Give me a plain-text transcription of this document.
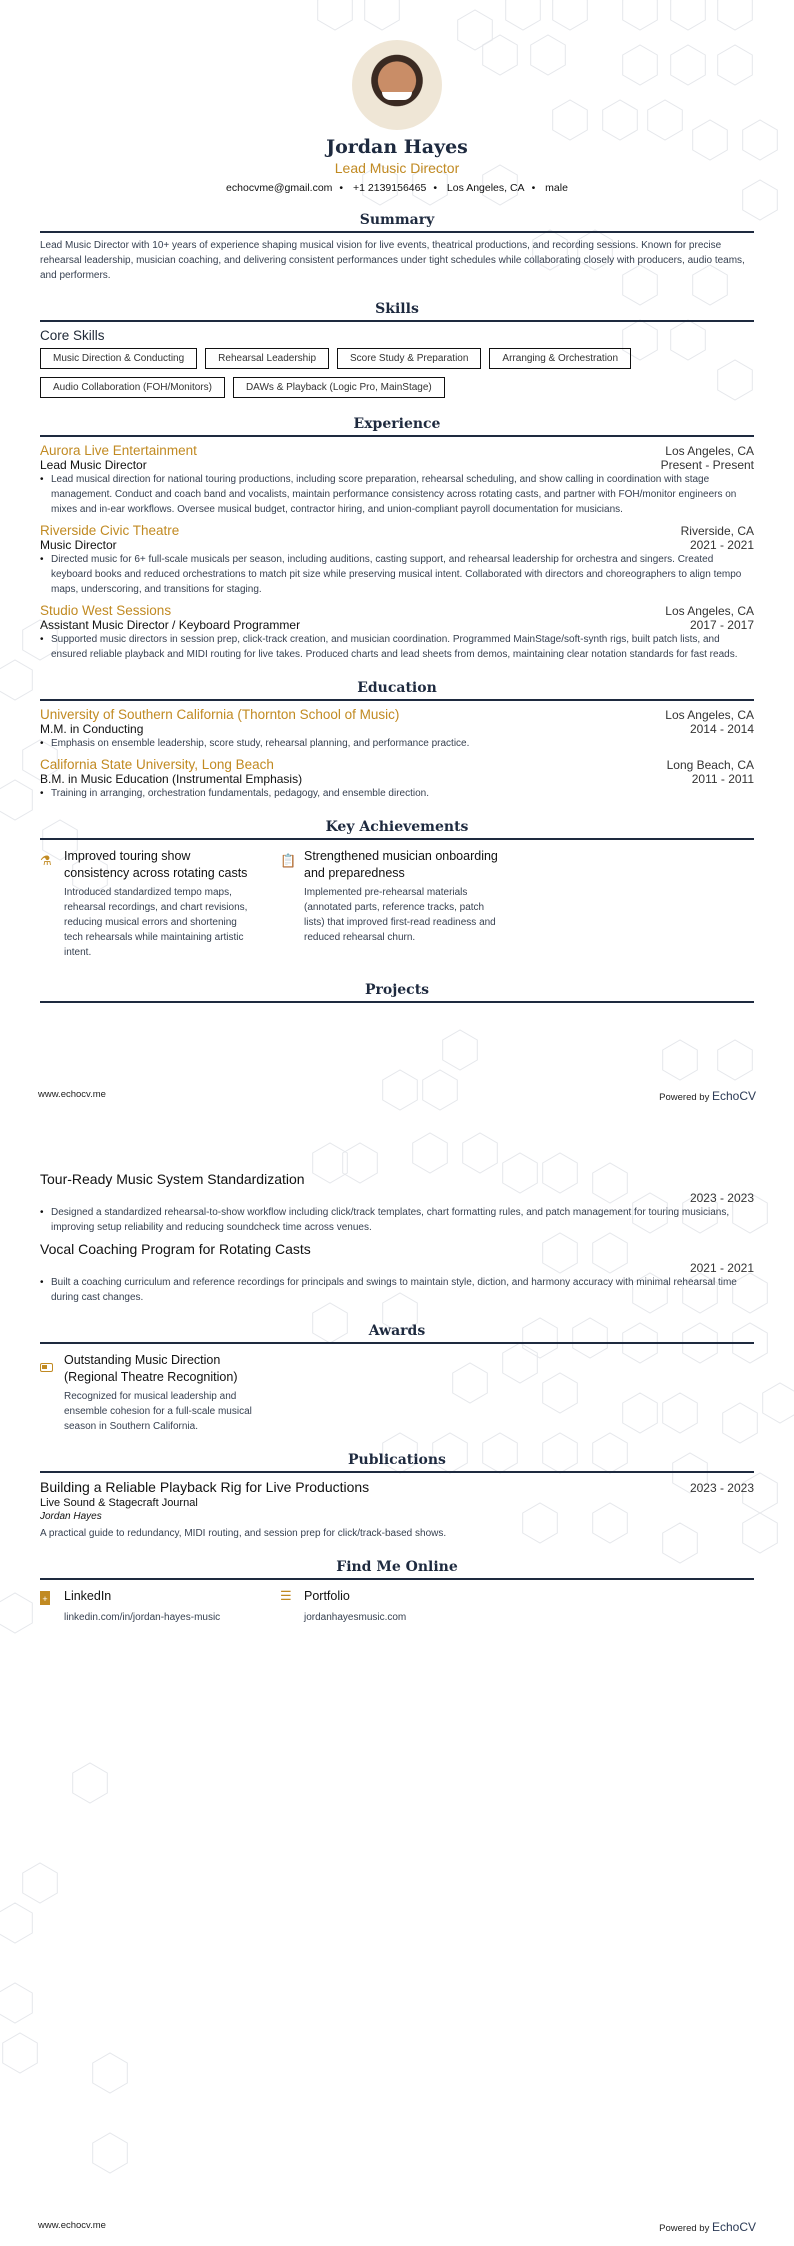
Jordan Hayes
Lead Music Director
echocvme@gmail.com • +1 2139156465 • Los Angeles, CA • male
Summary
Lead Music Director with 10+ years of experience shaping musical vision for live events, theatrical productions, and recording sessions. Known for precise rehearsal leadership, musician coaching, and delivering consistent performances under tight schedules while collaborating closely with producers, audio teams, and performers.
Skills
Core Skills
Music Direction & Conducting	Rehearsal Leadership	Score Study & Preparation	Arranging & Orchestration
Audio Collaboration (FOH/Monitors)	DAWs & Playback (Logic Pro, MainStage)
Experience
Aurora Live Entertainment	Los Angeles, CA
Lead Music Director	Present - Present
• Lead musical direction for national touring productions, including score preparation, rehearsal scheduling, and show calling in coordination with stage management. Conduct and coach band and vocalists, maintain performance consistency across rotating casts, and partner with FOH/monitor engineers on mixes and in-ear workflows. Oversee musical budget, contractor hiring, and union-compliant payroll documentation for musicians.
Riverside Civic Theatre	Riverside, CA
Music Director	2021 - 2021
• Directed music for 6+ full-scale musicals per season, including auditions, casting support, and rehearsal leadership for orchestra and singers. Created keyboard books and reduced orchestrations to match pit size while preserving musical intent. Collaborated with directors and choreographers to align tempo maps, underscoring, and transitions for staging.
Studio West Sessions	Los Angeles, CA
Assistant Music Director / Keyboard Programmer	2017 - 2017
• Supported music directors in session prep, click-track creation, and musician coordination. Programmed MainStage/soft-synth rigs, built patch lists, and ensured reliable playback and MIDI routing for live takes. Produced charts and lead sheets from demos, maintaining clear notation standards for fast reads.
Education
University of Southern California (Thornton School of Music)	Los Angeles, CA
M.M. in Conducting	2014 - 2014
• Emphasis on ensemble leadership, score study, rehearsal planning, and performance practice.
California State University, Long Beach	Long Beach, CA
B.M. in Music Education (Instrumental Emphasis)	2011 - 2011
• Training in arranging, orchestration fundamentals, pedagogy, and ensemble direction.
Key Achievements
⚗ Improved touring show consistency across rotating casts
Introduced standardized tempo maps, rehearsal recordings, and chart revisions, reducing musical errors and shortening tech rehearsals while maintaining artistic intent.
📋 Strengthened musician onboarding and preparedness
Implemented pre-rehearsal materials (annotated parts, reference tracks, patch lists) that improved first-read readiness and reduced rehearsal churn.
Projects
www.echocv.me	Powered by EchoCV
Tour-Ready Music System Standardization
2023 - 2023
• Designed a standardized rehearsal-to-show workflow including click/track templates, chart formatting rules, and patch management for touring musicians, improving setup reliability and reducing soundcheck time across venues.
Vocal Coaching Program for Rotating Casts
2021 - 2021
• Built a coaching curriculum and reference recordings for principals and swings to maintain style, diction, and harmony accuracy with minimal rehearsal time during cast changes.
Awards
Outstanding Music Direction (Regional Theatre Recognition)
Recognized for musical leadership and ensemble cohesion for a full-scale musical season in Southern California.
Publications
Building a Reliable Playback Rig for Live Productions	2023 - 2023
Live Sound & Stagecraft Journal
Jordan Hayes
A practical guide to redundancy, MIDI routing, and session prep for click/track-based shows.
Find Me Online
+	LinkedIn
linkedin.com/in/jordan-hayes-music
☰ Portfolio
jordanhayesmusic.com
www.echocv.me	Powered by EchoCV
